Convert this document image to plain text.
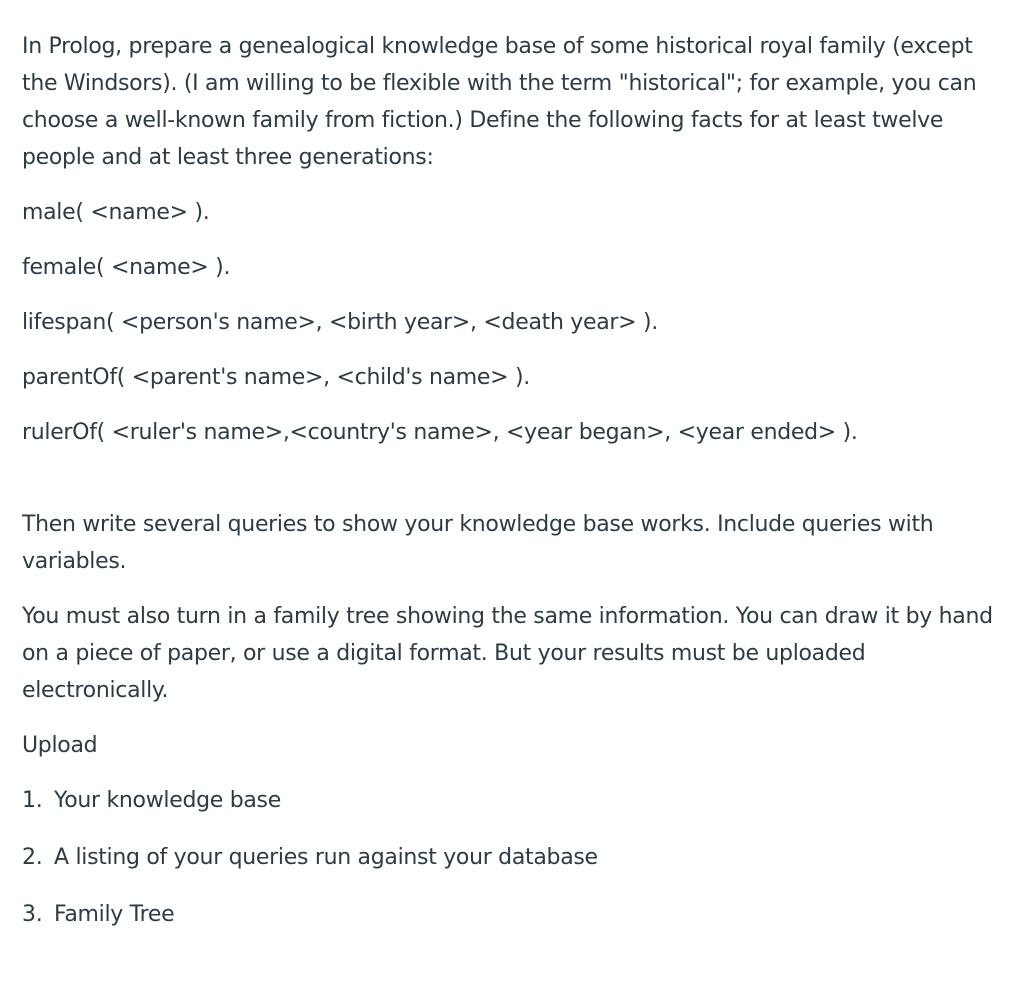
In Prolog, prepare a genealogical knowledge base of some historical royal family (except the Windsors). (I am willing to be flexible with the term "historical"; for example, you can choose a well-known family from fiction.) Define the following facts for at least twelve people and at least three generations:

male( <name> ).

female( <name> ).

lifespan( <person's name>, <birth year>, <death year> ).

parentOf( <parent's name>, <child's name> ).

rulerOf( <ruler's name>,<country's name>, <year began>, <year ended> ).

Then write several queries to show your knowledge base works. Include queries with variables.

You must also turn in a family tree showing the same information. You can draw it by hand on a piece of paper, or use a digital format. But your results must be uploaded electronically.

Upload

1. Your knowledge base
2. A listing of your queries run against your database
3. Family Tree
